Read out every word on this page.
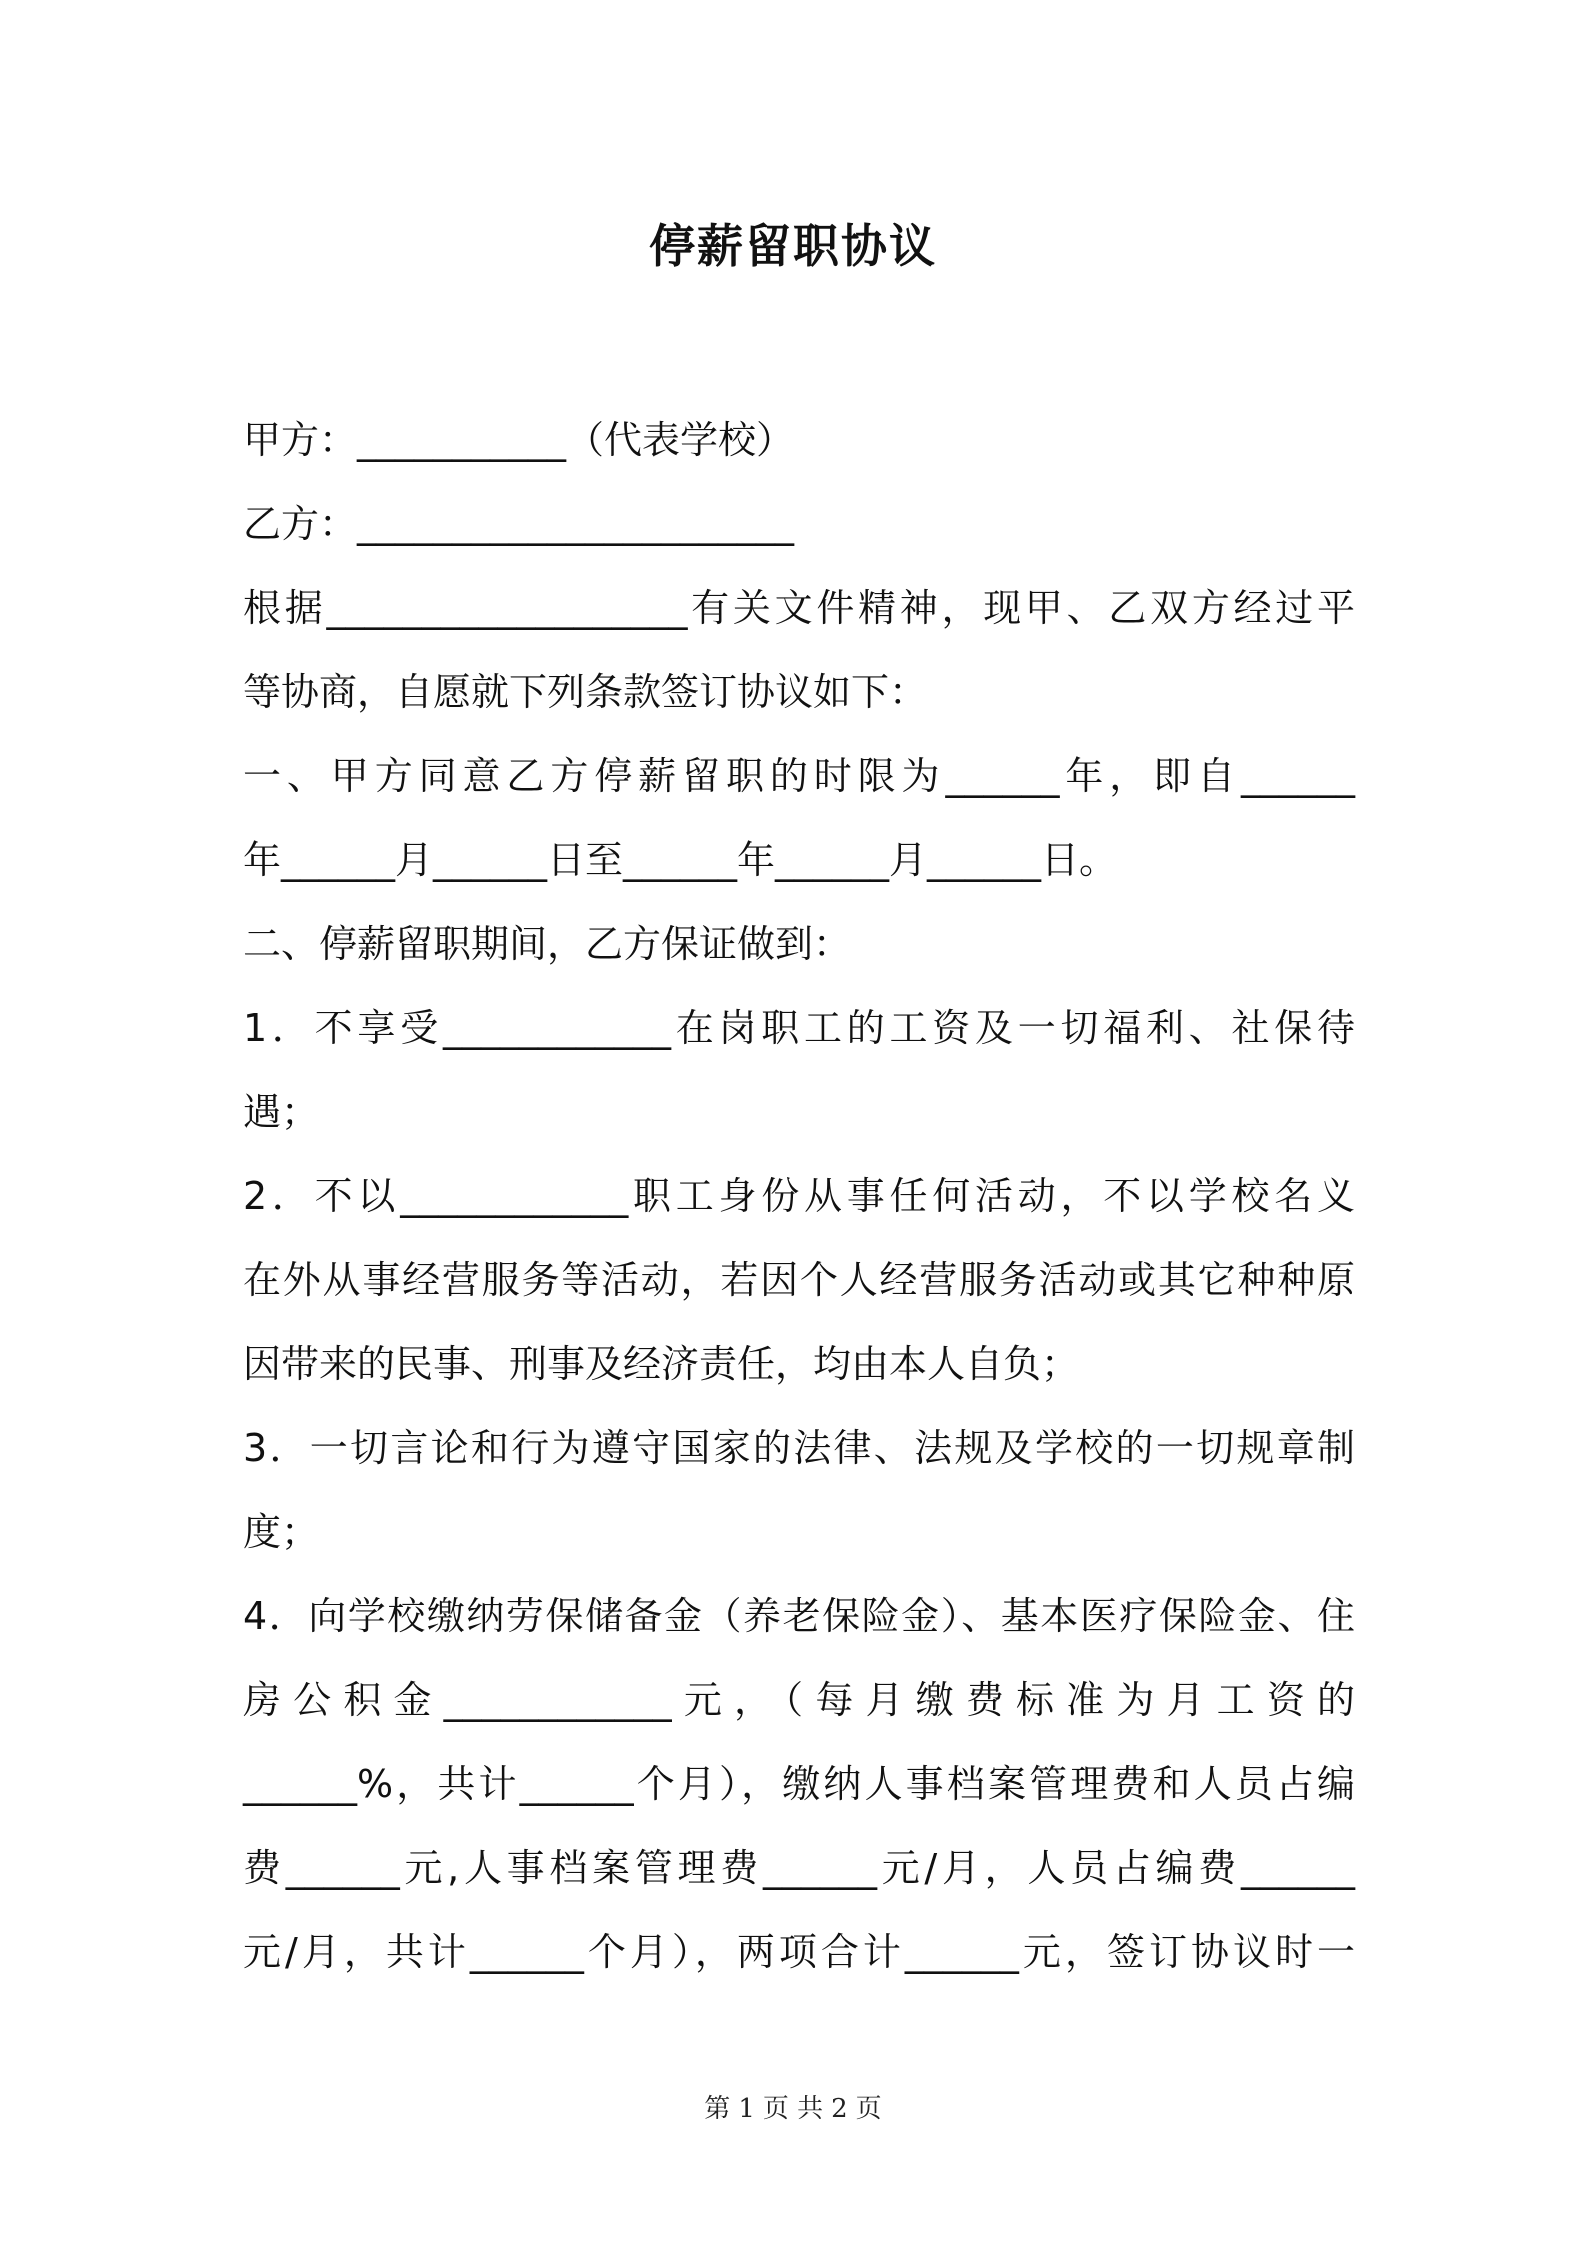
停薪留职协议
甲方：___________（代表学校）
乙方：_______________________
根据___________________有关文件精神，现甲、乙双方经过平
等协商，自愿就下列条款签订协议如下：
一、甲方同意乙方停薪留职的时限为______年，即自______
年______月______日至______年______月______日。
二、停薪留职期间，乙方保证做到：
1．不享受____________在岗职工的工资及一切福利、社保待
遇；
2．不以____________职工身份从事任何活动，不以学校名义
在外从事经营服务等活动，若因个人经营服务活动或其它种种原
因带来的民事、刑事及经济责任，均由本人自负；
3．一切言论和行为遵守国家的法律、法规及学校的一切规章制
度；
4．向学校缴纳劳保储备金（养老保险金）、基本医疗保险金、住
房公积金____________元，（每月缴费标准为月工资的
______%，共计______个月），缴纳人事档案管理费和人员占编
费______元,人事档案管理费______元/月，人员占编费______
元/月，共计______个月），两项合计______元，签订协议时一
第 1 页 共 2 页
